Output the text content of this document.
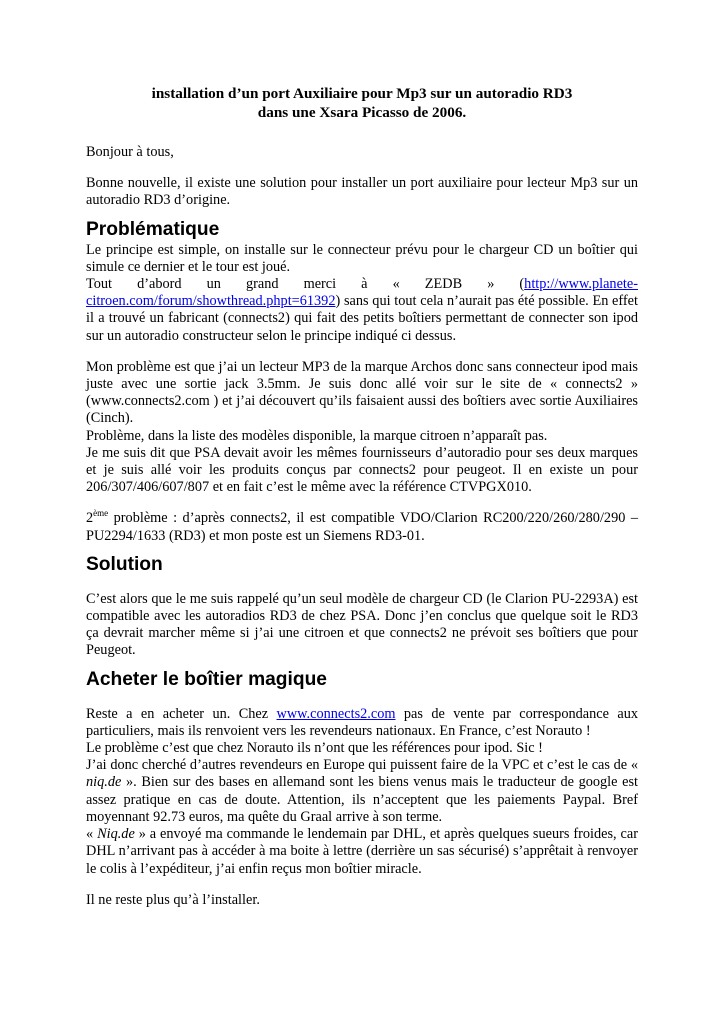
installation d’un port Auxiliaire pour Mp3 sur un autoradio RD3

dans une Xsara Picasso de 2006.

Bonjour à tous,

Bonne nouvelle, il existe une solution pour installer un port auxiliaire pour lecteur Mp3 sur un autoradio RD3 d’origine.

Problématique

Le principe est simple, on installe sur le connecteur prévu pour le chargeur CD un boîtier qui simule ce dernier et le tour est joué.

Tout d’abord un grand merci à « ZEDB » (http://www.planete-citroen.com/forum/showthread.phpt=61392) sans qui tout cela n’aurait pas été possible. En effet il a trouvé un fabricant (connects2) qui fait des petits boîtiers permettant de connecter son ipod sur un autoradio constructeur selon le principe indiqué ci dessus.

Mon problème est que j’ai un lecteur MP3 de la marque Archos donc sans connecteur ipod mais juste avec une sortie jack 3.5mm. Je suis donc allé voir sur le site de « connects2 » (www.connects2.com ) et j’ai découvert qu’ils faisaient aussi des boîtiers avec sortie Auxiliaires (Cinch).

Problème, dans la liste des modèles disponible, la marque citroen n’apparaît pas.

Je me suis dit que PSA devait avoir les mêmes fournisseurs d’autoradio pour ses deux marques et je suis allé voir les produits conçus par connects2 pour peugeot. Il en existe un pour 206/307/406/607/807 et en fait c’est le même avec la référence CTVPGX010.

2ème problème : d’après connects2, il est compatible VDO/Clarion RC200/220/260/280/290 – PU2294/1633 (RD3) et mon poste est un Siemens RD3-01.

Solution

C’est alors que le me suis rappelé qu’un seul modèle de chargeur CD (le Clarion PU-2293A) est compatible avec les autoradios RD3 de chez PSA. Donc j’en conclus que quelque soit le RD3 ça devrait marcher même si j’ai une citroen et que connects2 ne prévoit ses boîtiers que pour Peugeot.

Acheter le boîtier magique

Reste a en acheter un. Chez www.connects2.com pas de vente par correspondance aux particuliers, mais ils renvoient vers les revendeurs nationaux. En France, c’est Norauto !

Le problème c’est que chez Norauto ils n’ont que les références pour ipod. Sic !

J’ai donc cherché d’autres revendeurs en Europe qui puissent faire de la VPC et c’est le cas de « niq.de ». Bien sur des bases en allemand sont les biens venus mais le traducteur de google est assez pratique en cas de doute. Attention, ils n’acceptent que les paiements Paypal. Bref moyennant 92.73 euros, ma quête du Graal arrive à son terme.

« Niq.de » a envoyé ma commande le lendemain par DHL, et après quelques sueurs froides, car DHL n’arrivant pas à accéder à ma boite à lettre (derrière un sas sécurisé) s’apprêtait à renvoyer le colis à l’expéditeur, j’ai enfin reçus mon boîtier miracle.

Il ne reste plus qu’à l’installer.
